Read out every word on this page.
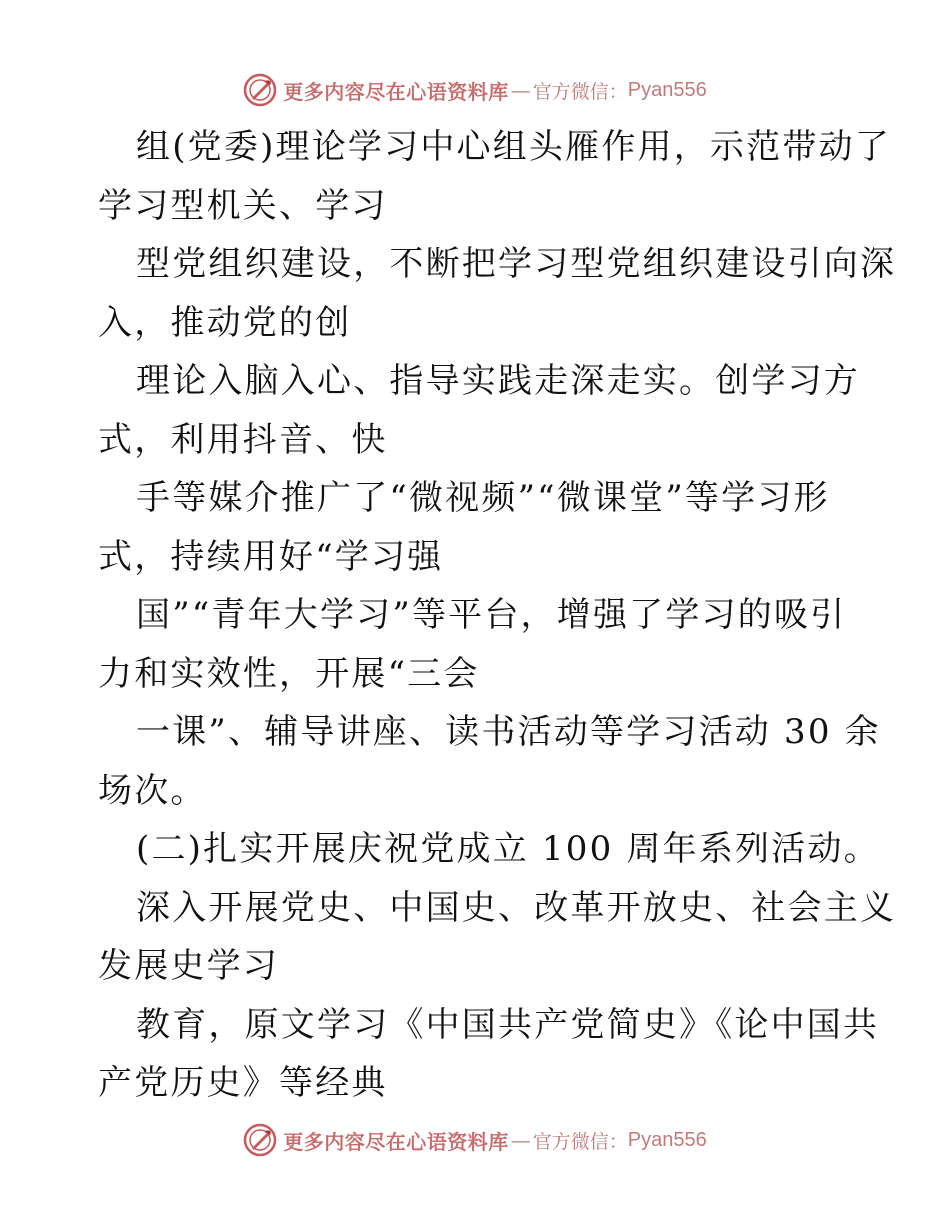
更多内容尽在心语资料库 — 官方微信： Pyan556
组(党委)理论学习中心组头雁作用，示范带动了
学习型机关、学习
型党组织建设，不断把学习型党组织建设引向深
入，推动党的创
理论入脑入心、指导实践走深走实。创学习方
式，利用抖音、快
手等媒介推广了“微视频”“微课堂”等学习形
式，持续用好“学习强
国”“青年大学习”等平台，增强了学习的吸引
力和实效性，开展“三会
一课”、辅导讲座、读书活动等学习活动 30 余
场次。
(二)扎实开展庆祝党成立 100 周年系列活动。
深入开展党史、中国史、改革开放史、社会主义
发展史学习
教育，原文学习《中国共产党简史》《论中国共
产党历史》等经典
更多内容尽在心语资料库 — 官方微信： Pyan556
